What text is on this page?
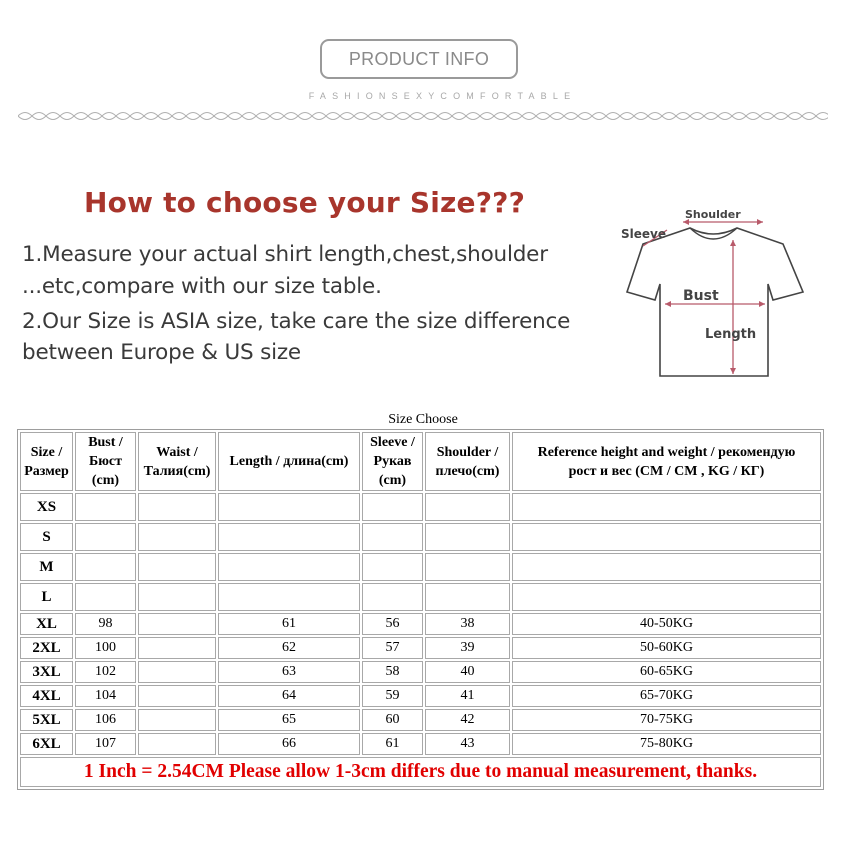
PRODUCT INFO
FASHIONSEXYCOMFORTABLE
How to choose your Size???
1.Measure your actual shirt length,chest,shoulder
...etc,compare with our size table.
2.Our Size is ASIA size, take care the size difference
between Europe & US size
Shoulder
Sleeve
Bust
Length
Size Choose
Size /
Размер	Bust /
Бюст
(cm)	Waist /
Талия(cm)	Length / длина(cm)	Sleeve /
Рукав
(cm)	Shoulder /
плечо(cm)	Reference height and weight / рекомендую
рост и вес (CM / CM , KG / КГ)
XS						
S						
M						
L						
XL	98		61	56	38	40-50KG
2XL	100		62	57	39	50-60KG
3XL	102		63	58	40	60-65KG
4XL	104		64	59	41	65-70KG
5XL	106		65	60	42	70-75KG
6XL	107		66	61	43	75-80KG
1 Inch = 2.54CM Please allow 1-3cm differs due to manual measurement, thanks.						
